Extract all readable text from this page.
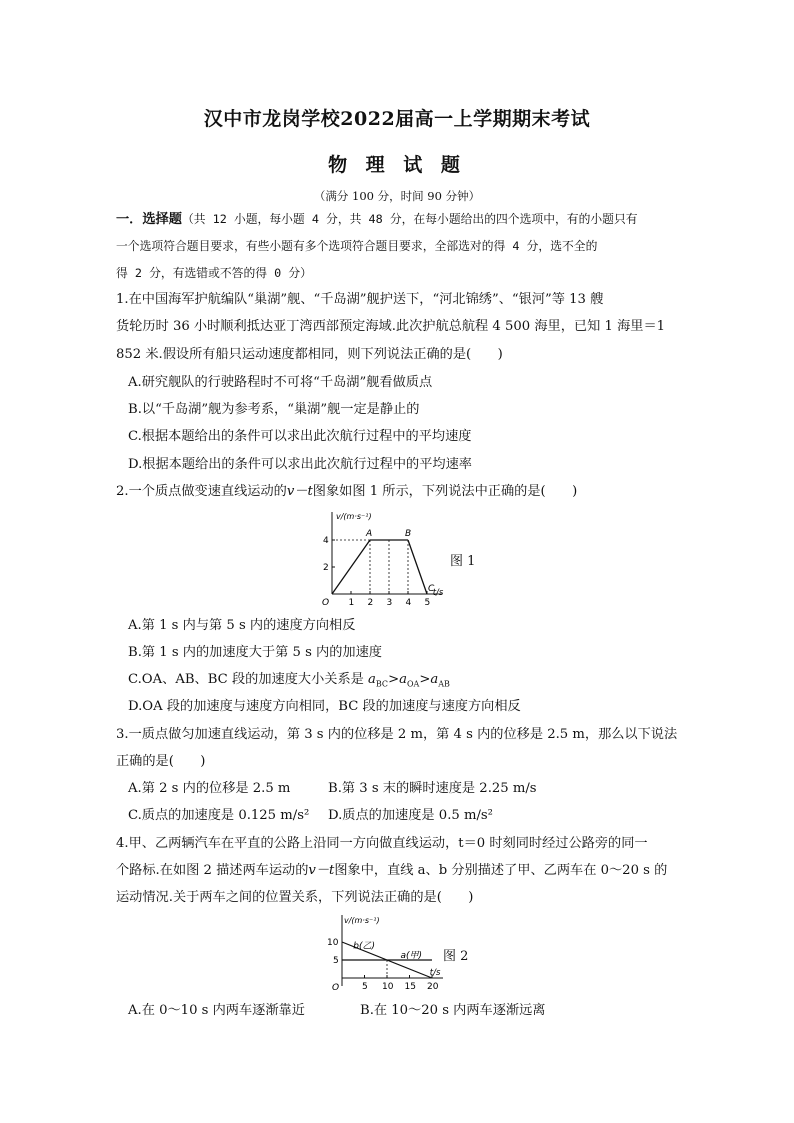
汉中市龙岗学校2022届高一上学期期末考试
物 理 试 题
（满分 100 分，时间 90 分钟）
一．选择题（共 12 小题，每小题 4 分，共 48 分，在每小题给出的四个选项中，有的小题只有
一个选项符合题目要求，有些小题有多个选项符合题目要求，全部选对的得 4 分，选不全的
得 2 分，有选错或不答的得 0 分）
1.在中国海军护航编队“巢湖”舰、“千岛湖”舰护送下，“河北锦绣”、“银河”等 13 艘
货轮历时 36 小时顺利抵达亚丁湾西部预定海域.此次护航总航程 4 500 海里，已知 1 海里＝1
852 米.假设所有船只运动速度都相同，则下列说法正确的是(　　)
A.研究舰队的行驶路程时不可将“千岛湖”舰看做质点
B.以“千岛湖”舰为参考系，“巢湖”舰一定是静止的
C.根据本题给出的条件可以求出此次航行过程中的平均速度
D.根据本题给出的条件可以求出此次航行过程中的平均速率
2.一个质点做变速直线运动的v－t图象如图 1 所示，下列说法中正确的是(　　)
v/(m·s⁻¹)
t/s
O
2
4
1 2 3 4 5
A	B
C
图 1
A.第 1 s 内与第 5 s 内的速度方向相反
B.第 1 s 内的加速度大于第 5 s 内的加速度
C.OA、AB、BC 段的加速度大小关系是 $a_{BC}>a_{OA}>a_{AB}$
D.OA 段的加速度与速度方向相同，BC 段的加速度与速度方向相反
3.一质点做匀加速直线运动，第 3 s 内的位移是 2 m，第 4 s 内的位移是 2.5 m，那么以下说法
正确的是(　　)
A.第 2 s 内的位移是 2.5 m	B.第 3 s 末的瞬时速度是 2.25 m/s
C.质点的加速度是 0.125 m/s²	D.质点的加速度是 0.5 m/s²
4.甲、乙两辆汽车在平直的公路上沿同一方向做直线运动，t＝0 时刻同时经过公路旁的同一
个路标.在如图 2 描述两车运动的v－t图象中，直线 a、b 分别描述了甲、乙两车在 0～20 s 的
运动情况.关于两车之间的位置关系，下列说法正确的是(　　)
v/(m·s⁻¹)
t/s
O
5
10
5 10 15 20
b(乙)
a(甲) 图 2
A.在 0～10 s 内两车逐渐靠近	B.在 10～20 s 内两车逐渐远离
